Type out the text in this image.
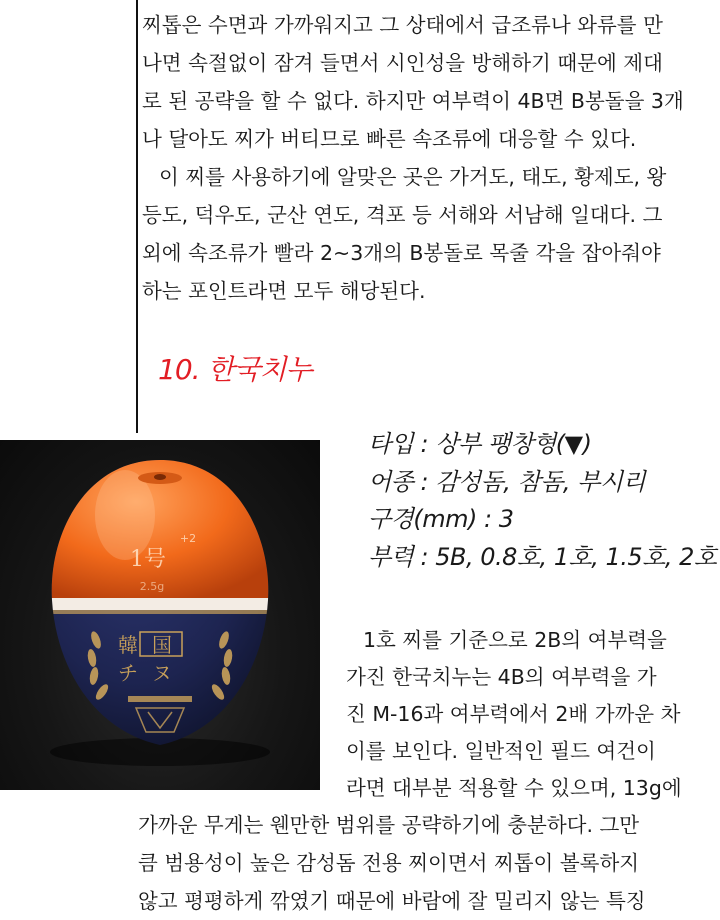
찌톱은 수면과 가까워지고 그 상태에서 급조류나 와류를 만
나면 속절없이 잠겨 들면서 시인성을 방해하기 때문에 제대
로 된 공략을 할 수 없다. 하지만 여부력이 4B면 B봉돌을 3개
나 달아도 찌가 버티므로 빠른 속조류에 대응할 수 있다.
이 찌를 사용하기에 알맞은 곳은 가거도, 태도, 황제도, 왕
등도, 덕우도, 군산 연도, 격포 등 서해와 서남해 일대다. 그
외에 속조류가 빨라 2~3개의 B봉돌로 목줄 각을 잡아줘야
하는 포인트라면 모두 해당된다.
10. 한국치누
1号
+2
2.5g
韓 国
チ ヌ
타입 : 상부 팽창형(▼)
어종 : 감성돔, 참돔, 부시리
구경(mm) : 3
부력 : 5B, 0.8호, 1호, 1.5호, 2호
1호 찌를 기준으로 2B의 여부력을
가진 한국치누는 4B의 여부력을 가
진 M-16과 여부력에서 2배 가까운 차
이를 보인다. 일반적인 필드 여건이
라면 대부분 적용할 수 있으며, 13g에
가까운 무게는 웬만한 범위를 공략하기에 충분하다. 그만
큼 범용성이 높은 감성돔 전용 찌이면서 찌톱이 볼록하지
않고 평평하게 깎였기 때문에 바람에 잘 밀리지 않는 특징
